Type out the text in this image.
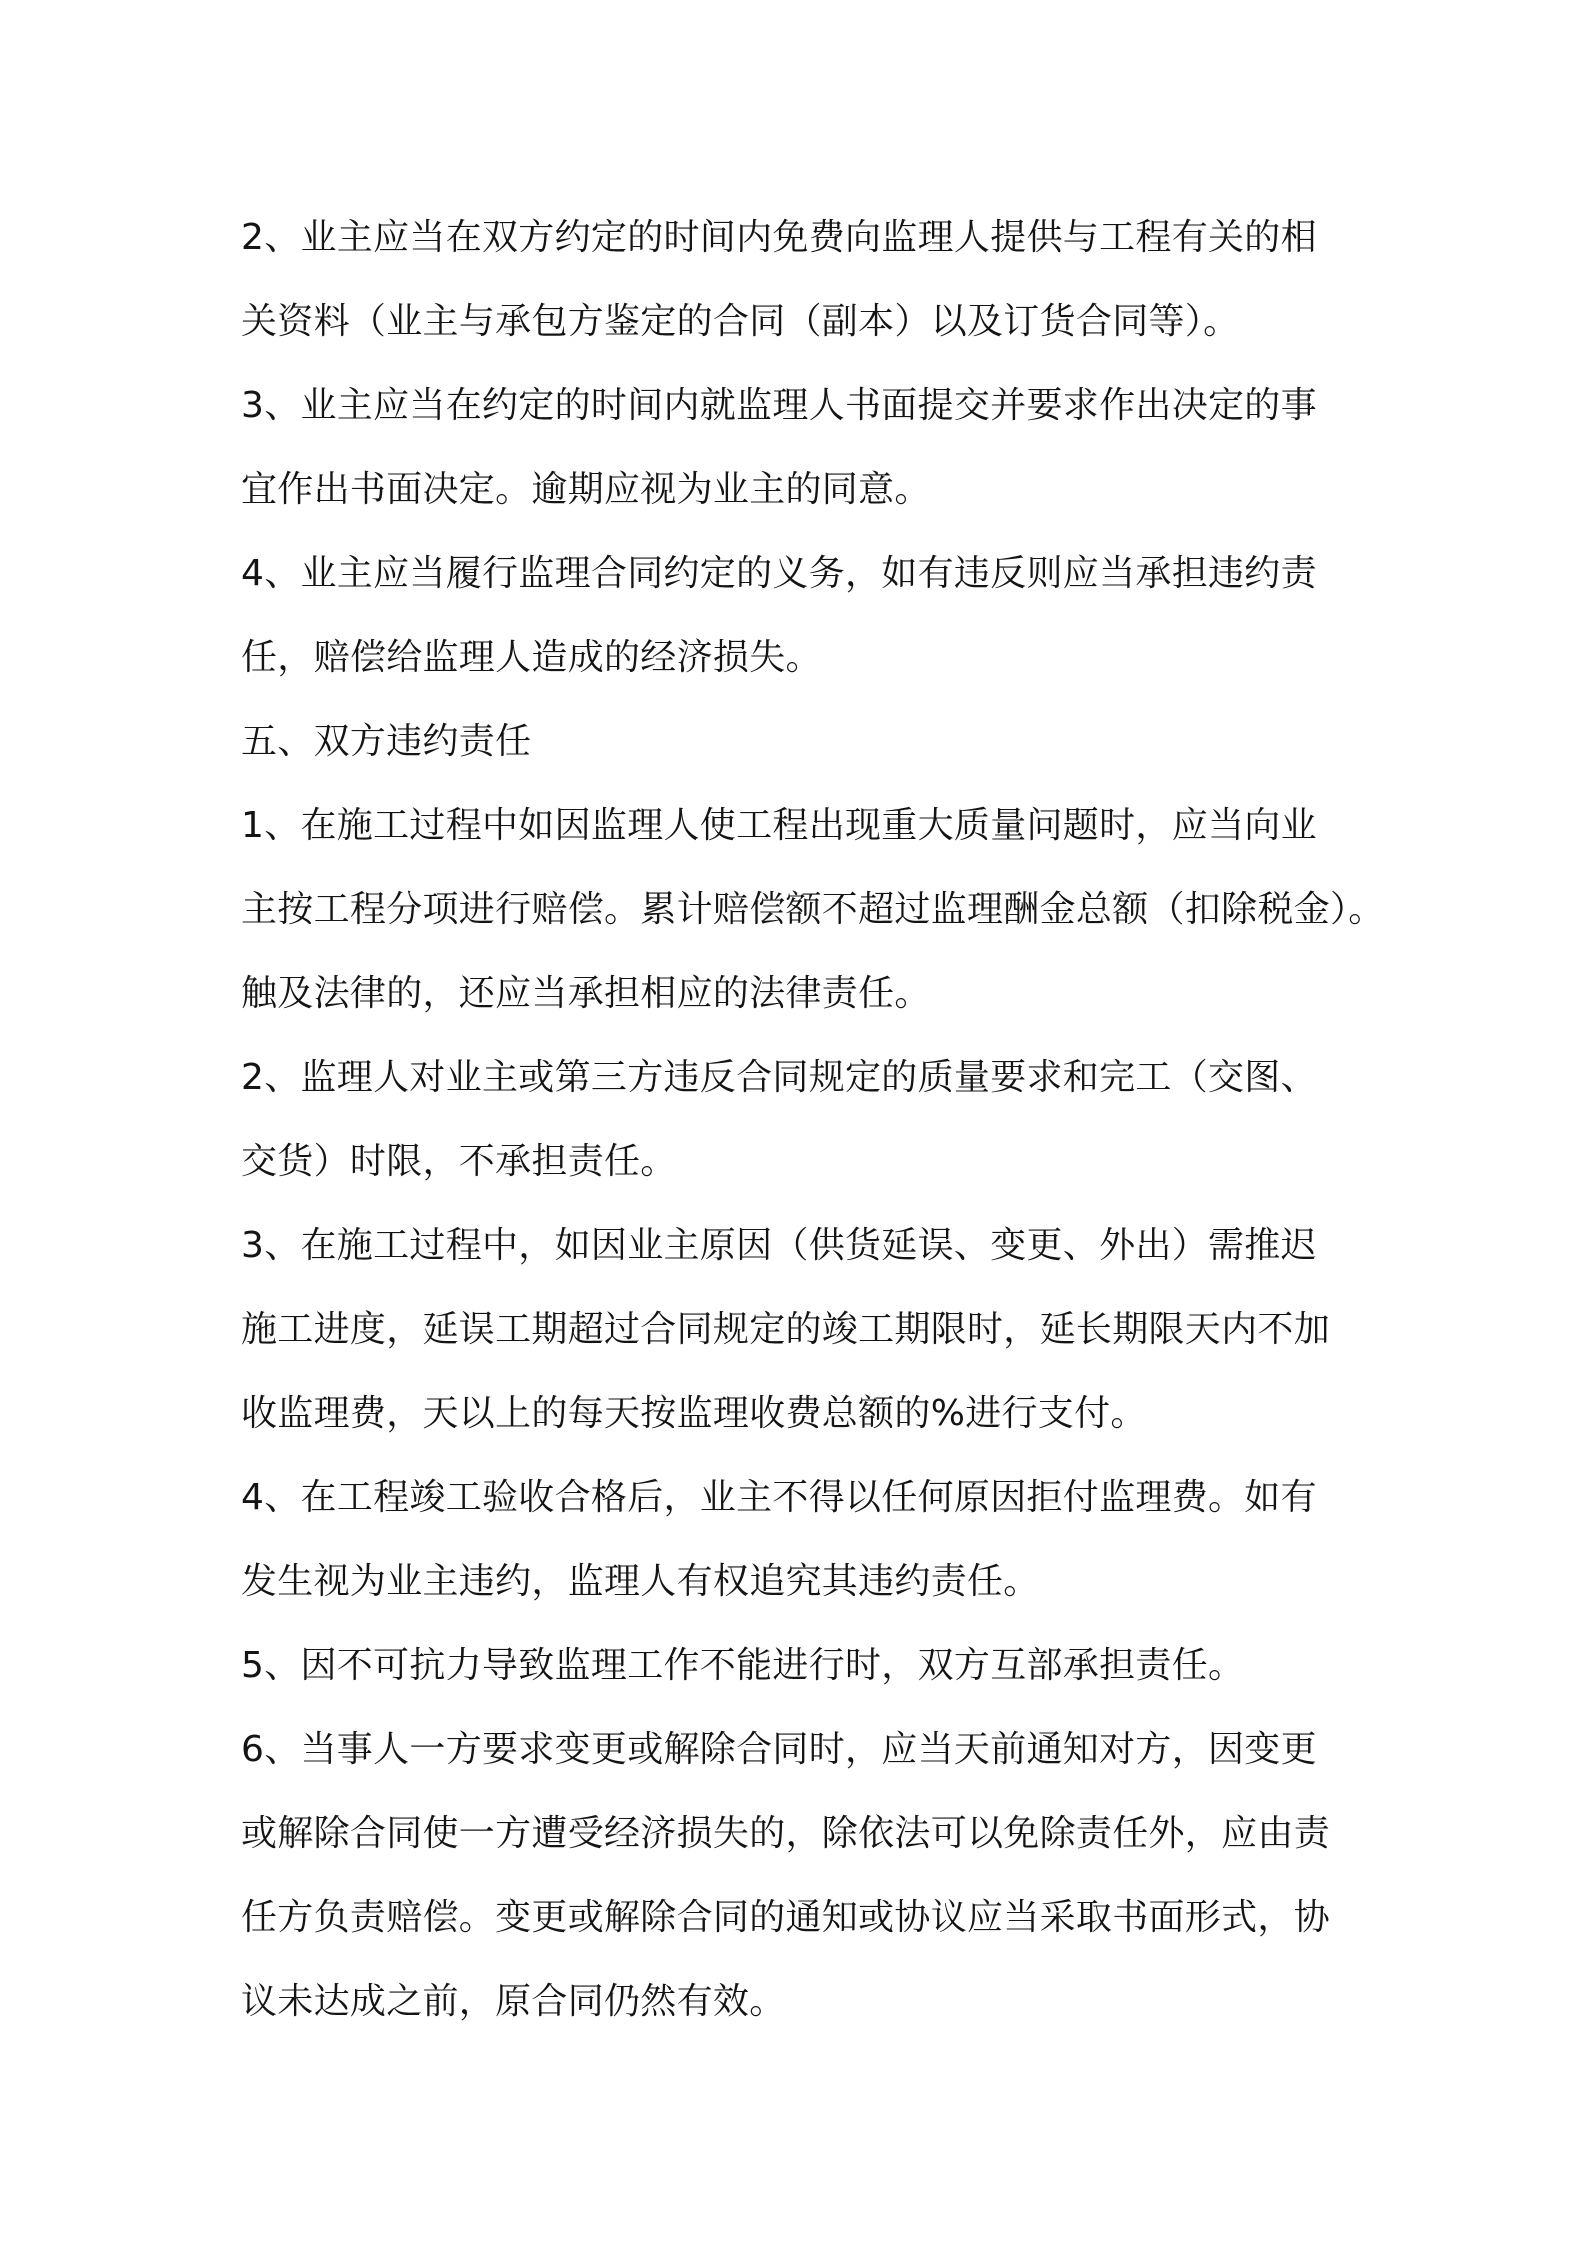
2、业主应当在双方约定的时间内免费向监理人提供与工程有关的相
关资料（业主与承包方鉴定的合同（副本）以及订货合同等）。

3、业主应当在约定的时间内就监理人书面提交并要求作出决定的事
宜作出书面决定。逾期应视为业主的同意。

4、业主应当履行监理合同约定的义务，如有违反则应当承担违约责
任，赔偿给监理人造成的经济损失。

五、双方违约责任

1、在施工过程中如因监理人使工程出现重大质量问题时，应当向业
主按工程分项进行赔偿。累计赔偿额不超过监理酬金总额（扣除税金）。
触及法律的，还应当承担相应的法律责任。

2、监理人对业主或第三方违反合同规定的质量要求和完工（交图、
交货）时限，不承担责任。

3、在施工过程中，如因业主原因（供货延误、变更、外出）需推迟
施工进度，延误工期超过合同规定的竣工期限时，延长期限天内不加
收监理费，天以上的每天按监理收费总额的%进行支付。

4、在工程竣工验收合格后，业主不得以任何原因拒付监理费。如有
发生视为业主违约，监理人有权追究其违约责任。

5、因不可抗力导致监理工作不能进行时，双方互部承担责任。

6、当事人一方要求变更或解除合同时，应当天前通知对方，因变更
或解除合同使一方遭受经济损失的，除依法可以免除责任外，应由责
任方负责赔偿。变更或解除合同的通知或协议应当采取书面形式，协
议未达成之前，原合同仍然有效。
